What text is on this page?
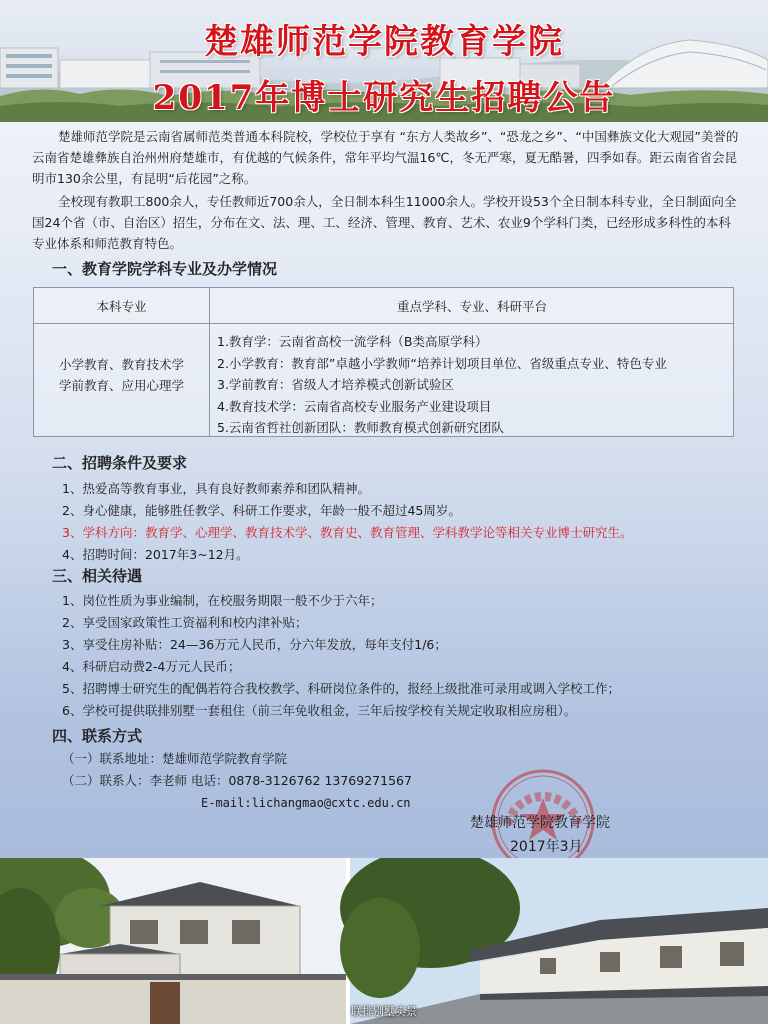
楚雄师范学院教育学院
2017年博士研究生招聘公告
楚雄师范学院是云南省属师范类普通本科院校，学校位于享有 “东方人类故乡”、“恐龙之乡”、“中国彝族文化大观园”美誉的云南省楚雄彝族自治州州府楚雄市，有优越的气候条件，常年平均气温16℃，冬无严寒，夏无酷暑，四季如春。距云南省省会昆明市130余公里，有昆明“后花园”之称。
全校现有教职工800余人，专任教师近700余人，全日制本科生11000余人。学校开设53个全日制本科专业，全日制面向全国24个省（市、自治区）招生，分布在文、法、理、工、经济、管理、教育、艺术、农业9个学科门类，已经形成多科性的本科专业体系和师范教育特色。
一、教育学院学科专业及办学情况
本科专业	重点学科、专业、科研平台
小学教育、教育技术学
学前教育、应用心理学
1.教育学：云南省高校一流学科（B类高原学科）
2.小学教育：教育部”卓越小学教师“培养计划项目单位、省级重点专业、特色专业
3.学前教育：省级人才培养模式创新试验区
4.教育技术学：云南省高校专业服务产业建设项目
5.云南省哲社创新团队：教师教育模式创新研究团队
二、招聘条件及要求
1、热爱高等教育事业，具有良好教师素养和团队精神。
2、身心健康，能够胜任教学、科研工作要求，年龄一般不超过45周岁。
3、学科方向：教育学、心理学、教育技术学、教育史、教育管理、学科教学论等相关专业博士研究生。
4、招聘时间：2017年3~12月。
三、相关待遇
1、岗位性质为事业编制，在校服务期限一般不少于六年；
2、享受国家政策性工资福利和校内津补贴；
3、享受住房补贴：24—36万元人民币，分六年发放，每年支付1/6；
4、科研启动费2-4万元人民币；
5、招聘博士研究生的配偶若符合我校教学、科研岗位条件的，报经上级批准可录用或调入学校工作；
6、学校可提供联排别墅一套租住（前三年免收租金，三年后按学校有关规定收取相应房租）。
四、联系方式
（一）联系地址：楚雄师范学院教育学院
（二）联系人：李老师 电话：0878-3126762 13769271567
E-mail:lichangmao@cxtc.edu.cn
楚雄师范学院教育学院
2017年3月
联排别墅实景
